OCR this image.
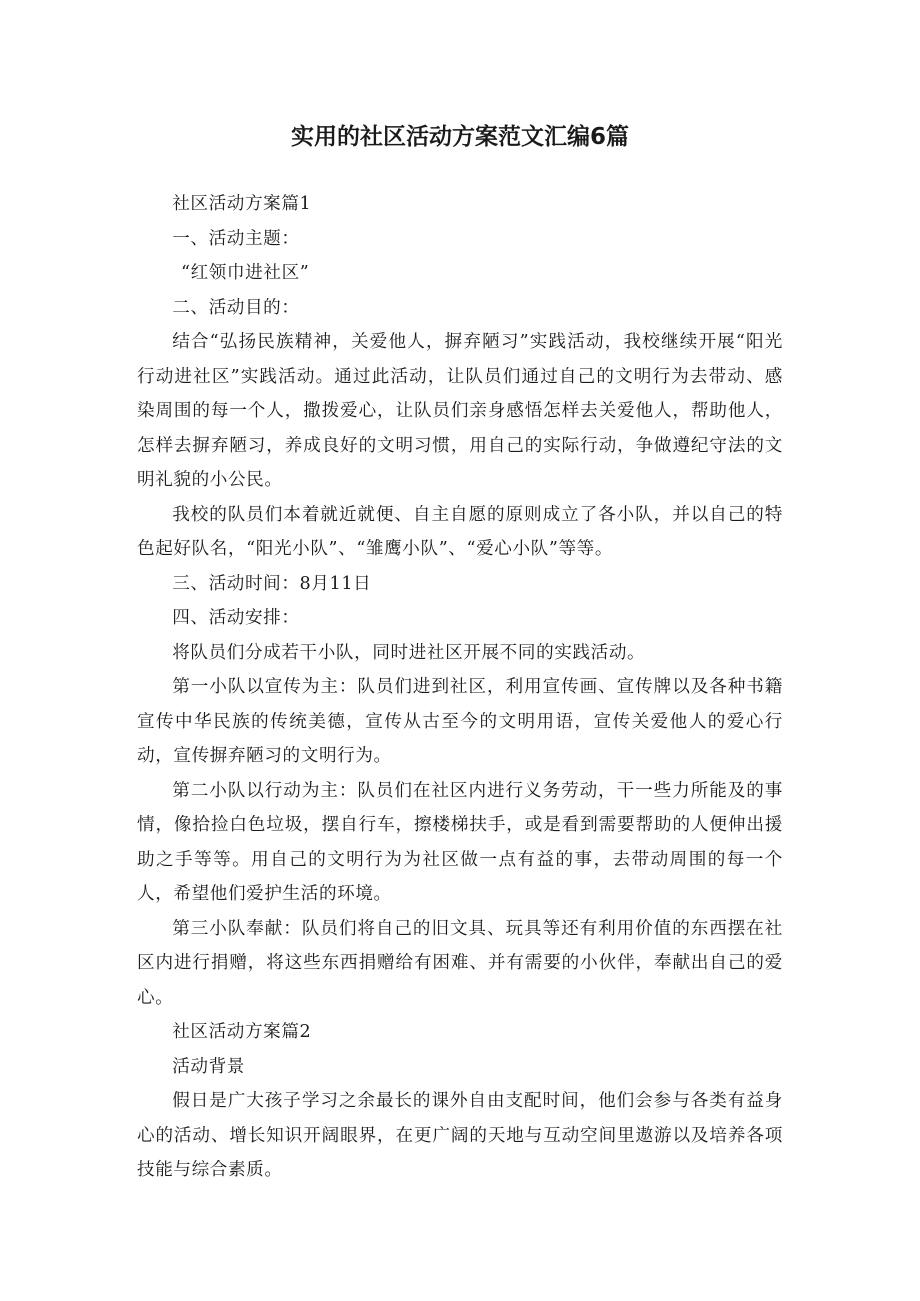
实用的社区活动方案范文汇编6篇

社区活动方案篇1

一、活动主题：

“红领巾进社区”

二、活动目的：

结合“弘扬民族精神，关爱他人，摒弃陋习”实践活动，我校继续开展“阳光行动进社区”实践活动。通过此活动，让队员们通过自己的文明行为去带动、感染周围的每一个人，撒拨爱心，让队员们亲身感悟怎样去关爱他人，帮助他人，怎样去摒弃陋习，养成良好的文明习惯，用自己的实际行动，争做遵纪守法的文明礼貌的小公民。

我校的队员们本着就近就便、自主自愿的原则成立了各小队，并以自己的特色起好队名，“阳光小队”、“雏鹰小队”、“爱心小队”等等。

三、活动时间：8月11日

四、活动安排：

将队员们分成若干小队，同时进社区开展不同的实践活动。

第一小队以宣传为主：队员们进到社区，利用宣传画、宣传牌以及各种书籍宣传中华民族的传统美德，宣传从古至今的文明用语，宣传关爱他人的爱心行动，宣传摒弃陋习的文明行为。

第二小队以行动为主：队员们在社区内进行义务劳动，干一些力所能及的事情，像拾捡白色垃圾，摆自行车，擦楼梯扶手，或是看到需要帮助的人便伸出援助之手等等。用自己的文明行为为社区做一点有益的事，去带动周围的每一个人，希望他们爱护生活的环境。

第三小队奉献：队员们将自己的旧文具、玩具等还有利用价值的东西摆在社区内进行捐赠，将这些东西捐赠给有困难、并有需要的小伙伴，奉献出自己的爱心。

社区活动方案篇2

活动背景

假日是广大孩子学习之余最长的课外自由支配时间，他们会参与各类有益身心的活动、增长知识开阔眼界，在更广阔的天地与互动空间里遨游以及培养各项技能与综合素质。
